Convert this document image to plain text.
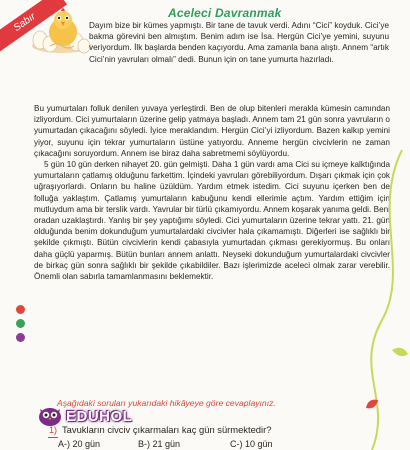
Sabır	Aceleci Davranmak
Dayım bize bir kümes yapmıştı. Bir tane de tavuk verdi. Adını “Cici” koyduk. Cici’ye bakma görevini ben almıştım. Benim adım ise İsa. Hergün Cici’ye yemini, suyunu veriyordum. İlk başlarda benden kaçıyordu. Ama zamanla bana alıştı. Annem “artık Cici’nin yavruları olmalı” dedi. Bunun için on tane yumurta hazırladı.
Bu yumurtaları folluk denilen yuvaya yerleştirdi. Ben de olup bitenleri merakla kümesin camından izliyordum. Cici yumurtaların üzerine gelip yatmaya başladı. Annem tam 21 gün sonra yavruların o yumurtadan çıkacağını söyledi. İyice meraklandım. Hergün Cici’yi izliyordum. Bazen kalkıp yemini yiyor, suyunu için tekrar yumurtaların üstüne yatıyordu. Anneme hergün civcivlerin ne zaman çıkacağını soruyordum. Annem ise biraz daha sabretmemi söylüyordu.
5 gün 10 gün derken nihayet 20. gün gelmişti. Daha 1 gün vardı ama Cici su içmeye kalktığında yumurtaların çatlamış olduğunu farkettim. İçindeki yavruları görebiliyordum. Dışarı çıkmak için çok uğraşıyorlardı. Onların bu haline üzüldüm. Yardım etmek istedim. Cici suyunu içerken ben de folluğa yaklaştım. Çatlamış yumurtaların kabuğunu kendi ellerimle açtım. Yardım ettiğim için mutluydum ama bir terslik vardı. Yavrular bir türlü çıkamıyordu. Annem koşarak yanıma geldi. Beni oradan uzaklaştırdı. Yanlış bir şey yaptığımı söyledi. Cici yumurtaların üzerine tekrar yattı. 21. gün olduğunda benim dokunduğum yumurtalardaki civcivler hala çıkamamıştı. Diğerleri ise sağlıklı bir şekilde çıkmıştı. Bütün civcivlerin kendi çabasıyla yumurtadan çıkması gerekiyormuş. Bu onları daha güçlü yaparmış. Bütün bunları annem anlattı. Neyseki dokunduğum yumurtalardaki civcivler de birkaç gün sonra sağlıklı bir şekilde çıkabildiler. Bazı işlerimizde aceleci olmak zarar verebilir. Önemli olan sabırla tamamlanmasını beklemektir.
Aşağıdaki soruları yukarıdaki hikâyeye göre cevaplayınız.
EDUHOL
1) Tavukların civciv çıkarmaları kaç gün sürmektedir?
A-) 20 gün	B-) 21 gün	C-) 10 gün
